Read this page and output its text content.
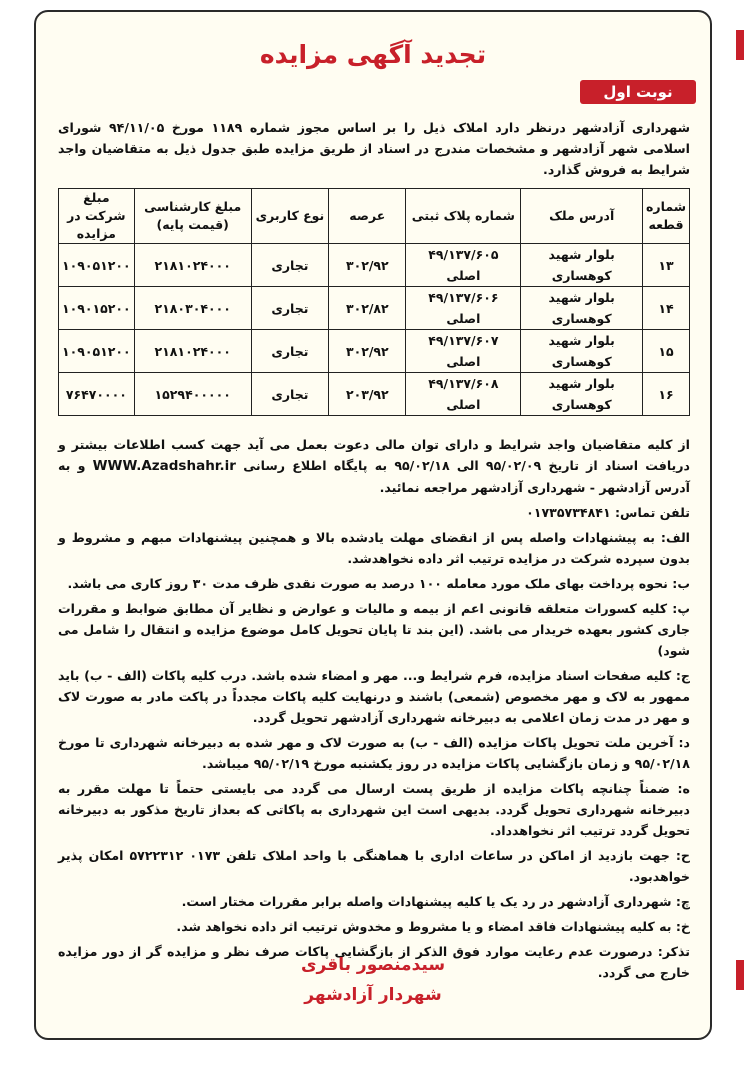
تجدید آگهی مزایده
نوبت اول

شهرداری آزادشهر درنظر دارد املاک ذیل را بر اساس مجوز شماره ۱۱۸۹ مورخ ۹۴/۱۱/۰۵ شورای اسلامی شهر آزادشهر و مشخصات مندرج در اسناد از طریق مزایده طبق جدول ذیل به متقاضیان واجد شرایط به فروش گذارد.

شماره قطعه	آدرس ملک	شماره پلاک ثبتی	عرصه	نوع کاربری	مبلغ کارشناسی (قیمت پایه)	مبلغ شرکت در مزایده
۱۳	بلوار شهید کوهساری	۴۹/۱۳۷/۶۰۵ اصلی	۳۰۲/۹۲	تجاری	۲۱۸۱۰۲۴۰۰۰	۱۰۹۰۵۱۲۰۰
۱۴	بلوار شهید کوهساری	۴۹/۱۳۷/۶۰۶ اصلی	۳۰۲/۸۲	تجاری	۲۱۸۰۳۰۴۰۰۰	۱۰۹۰۱۵۲۰۰
۱۵	بلوار شهید کوهساری	۴۹/۱۳۷/۶۰۷ اصلی	۳۰۲/۹۲	تجاری	۲۱۸۱۰۲۴۰۰۰	۱۰۹۰۵۱۲۰۰
۱۶	بلوار شهید کوهساری	۴۹/۱۳۷/۶۰۸ اصلی	۲۰۳/۹۲	تجاری	۱۵۲۹۴۰۰۰۰۰	۷۶۴۷۰۰۰۰

از کلیه متقاضیان واجد شرایط و دارای توان مالی دعوت بعمل می آید جهت کسب اطلاعات بیشتر و دریافت اسناد از تاریخ ۹۵/۰۲/۰۹ الی ۹۵/۰۲/۱۸ به پایگاه اطلاع رسانی WWW.Azadshahr.ir و به آدرس آزادشهر - شهرداری آزادشهر مراجعه نمائید.

تلفن تماس: ۰۱۷۳۵۷۳۴۸۴۱

الف: به پیشنهادات واصله پس از انقضای مهلت یادشده بالا و همچنین پیشنهادات مبهم و مشروط و بدون سپرده شرکت در مزایده ترتیب اثر داده نخواهدشد.

ب: نحوه پرداخت بهای ملک مورد معامله ۱۰۰ درصد به صورت نقدی ظرف مدت ۳۰ روز کاری می باشد.

پ: کلیه کسورات متعلقه قانونی اعم از بیمه و مالیات و عوارض و نظایر آن مطابق ضوابط و مقررات جاری کشور بعهده خریدار می باشد. (این بند تا پایان تحویل کامل موضوع مزایده و انتقال را شامل می شود)

ج: کلیه صفحات اسناد مزایده، فرم شرایط و... مهر و امضاء شده باشد. درب کلیه پاکات (الف - ب) باید ممهور به لاک و مهر مخصوص (شمعی) باشند و درنهایت کلیه پاکات مجدداً در پاکت مادر به صورت لاک و مهر در مدت زمان اعلامی به دبیرخانه شهرداری آزادشهر تحویل گردد.

د: آخرین ملت تحویل پاکات مزایده (الف - ب) به صورت لاک و مهر شده به دبیرخانه شهرداری تا مورخ ۹۵/۰۲/۱۸ و زمان بازگشایی پاکات مزایده در روز یکشنبه مورخ ۹۵/۰۲/۱۹ میباشد.

ه: ضمناً چنانچه پاکات مزایده از طریق پست ارسال می گردد می بایستی حتماً تا مهلت مقرر به دبیرخانه شهرداری تحویل گردد. بدیهی است این شهرداری به پاکاتی که بعداز تاریخ مذکور به دبیرخانه تحویل گردد ترتیب اثر نخواهدداد.

ح: جهت بازدید از اماکن در ساعات اداری با هماهنگی با واحد املاک تلفن ۰۱۷۳ ۵۷۲۲۳۱۲ امکان پذیر خواهدبود.

چ: شهرداری آزادشهر در رد یک یا کلیه پیشنهادات واصله برابر مقررات مختار است.

خ: به کلیه پیشنهادات فاقد امضاء و یا مشروط و مخدوش ترتیب اثر داده نخواهد شد.

تذکر: درصورت عدم رعایت موارد فوق الذکر از بازگشایی پاکات صرف نظر و مزایده گر از دور مزایده خارج می گردد.

سیدمنصور باقری
شهردار آزادشهر
